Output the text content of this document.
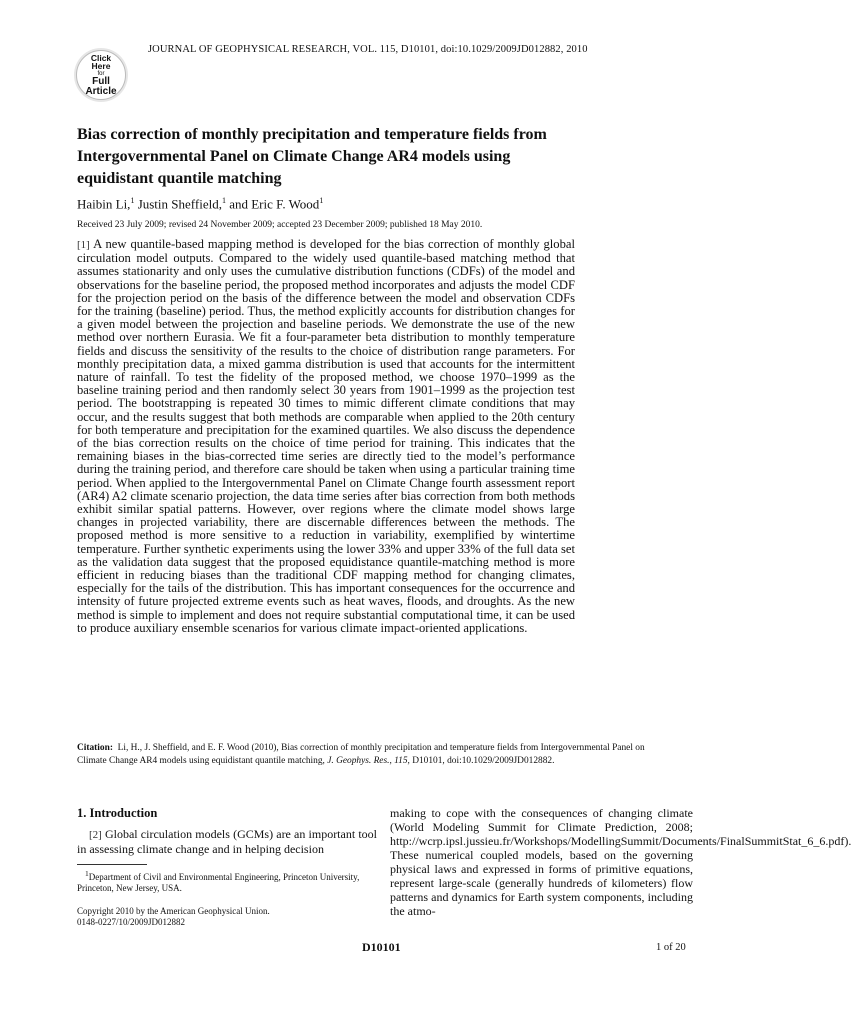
Click
Here
for
Full
Article
JOURNAL OF GEOPHYSICAL RESEARCH, VOL. 115, D10101, doi:10.1029/2009JD012882, 2010
Bias correction of monthly precipitation and temperature fields from Intergovernmental Panel on Climate Change AR4 models using equidistant quantile matching
Haibin Li,$^1$ Justin Sheffield,$^1$ and Eric F. Wood$^1$
Received 23 July 2009; revised 24 November 2009; accepted 23 December 2009; published 18 May 2010.

[1] A new quantile-based mapping method is developed for the bias correction of monthly global circulation model outputs. Compared to the widely used quantile-based matching method that assumes stationarity and only uses the cumulative distribution functions (CDFs) of the model and observations for the baseline period, the proposed method incorporates and adjusts the model CDF for the projection period on the basis of the difference between the model and observation CDFs for the training (baseline) period. Thus, the method explicitly accounts for distribution changes for a given model between the projection and baseline periods. We demonstrate the use of the new method over northern Eurasia. We fit a four-parameter beta distribution to monthly temperature fields and discuss the sensitivity of the results to the choice of distribution range parameters. For monthly precipitation data, a mixed gamma distribution is used that accounts for the intermittent nature of rainfall. To test the fidelity of the proposed method, we choose 1970–1999 as the baseline training period and then randomly select 30 years from 1901–1999 as the projection test period. The bootstrapping is repeated 30 times to mimic different climate conditions that may occur, and the results suggest that both methods are comparable when applied to the 20th century for both temperature and precipitation for the examined quartiles. We also discuss the dependence of the bias correction results on the choice of time period for training. This indicates that the remaining biases in the bias-corrected time series are directly tied to the model’s performance during the training period, and therefore care should be taken when using a particular training time period. When applied to the Intergovernmental Panel on Climate Change fourth assessment report (AR4) A2 climate scenario projection, the data time series after bias correction from both methods exhibit similar spatial patterns. However, over regions where the climate model shows large changes in projected variability, there are discernable differences between the methods. The proposed method is more sensitive to a reduction in variability, exemplified by wintertime temperature. Further synthetic experiments using the lower 33% and upper 33% of the full data set as the validation data suggest that the proposed equidistance quantile-matching method is more efficient in reducing biases than the traditional CDF mapping method for changing climates, especially for the tails of the distribution. This has important consequences for the occurrence and intensity of future projected extreme events such as heat waves, floods, and droughts. As the new method is simple to implement and does not require substantial computational time, it can be used to produce auxiliary ensemble scenarios for various climate impact-oriented applications.

Citation: Li, H., J. Sheffield, and E. F. Wood (2010), Bias correction of monthly precipitation and temperature fields from Intergovernmental Panel on Climate Change AR4 models using equidistant quantile matching, J. Geophys. Res., 115, D10101, doi:10.1029/2009JD012882.

1. Introduction

[2] Global circulation models (GCMs) are an important tool in assessing climate change and in helping decision

$^1$Department of Civil and Environmental Engineering, Princeton University, Princeton, New Jersey, USA.

Copyright 2010 by the American Geophysical Union.
0148-0227/10/2009JD012882

making to cope with the consequences of changing climate (World Modeling Summit for Climate Prediction, 2008; http://wcrp.ipsl.jussieu.fr/Workshops/ModellingSummit/Documents/FinalSummitStat_6_6.pdf). These numerical coupled models, based on the governing physical laws and expressed in forms of primitive equations, represent large-scale (generally hundreds of kilometers) flow patterns and dynamics for Earth system components, including the atmo-

D10101	1 of 20
